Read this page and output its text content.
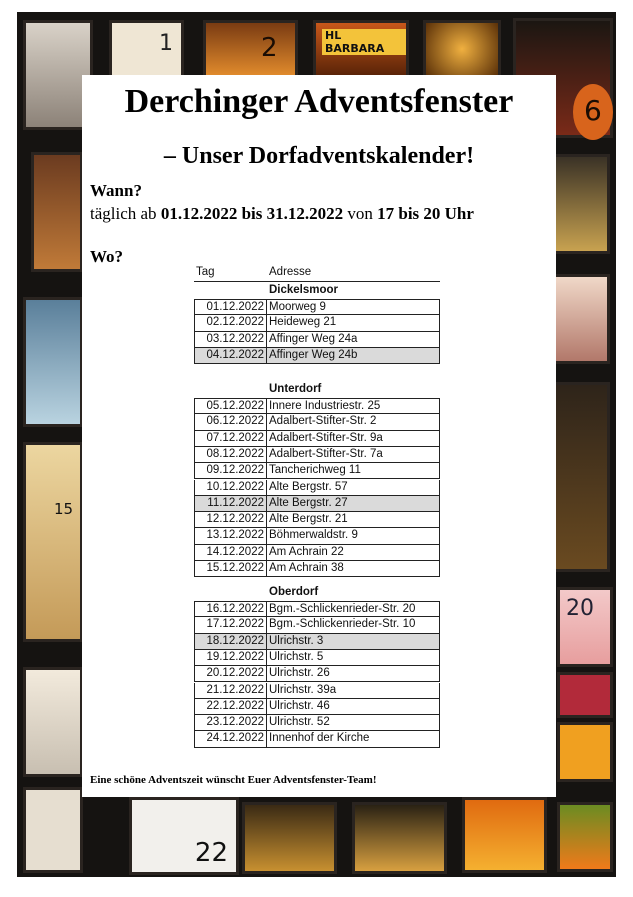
1	2	HL BARBARA
6
15
20
22
Derchinger Adventsfenster
– Unser Dorfadventskalender!
Wann?
täglich ab 01.12.2022 bis 31.12.2022 von 17 bis 20 Uhr
Wo?
Tag	Adresse
Dickelsmoor
01.12.2022 Moorweg 9
02.12.2022 Heideweg 21
03.12.2022 Affinger Weg 24a
04.12.2022 Affinger Weg 24b
Unterdorf
05.12.2022 Innere Industriestr. 25
06.12.2022 Adalbert-Stifter-Str. 2
07.12.2022 Adalbert-Stifter-Str. 9a
08.12.2022 Adalbert-Stifter-Str. 7a
09.12.2022 Tancherichweg 11
10.12.2022 Alte Bergstr. 57
11.12.2022 Alte Bergstr. 27
12.12.2022 Alte Bergstr. 21
13.12.2022 Böhmerwaldstr. 9
14.12.2022 Am Achrain 22
15.12.2022 Am Achrain 38
Oberdorf
16.12.2022 Bgm.-Schlickenrieder-Str. 20
17.12.2022 Bgm.-Schlickenrieder-Str. 10
18.12.2022 Ulrichstr. 3
19.12.2022 Ulrichstr. 5
20.12.2022 Ulrichstr. 26
21.12.2022 Ulrichstr. 39a
22.12.2022 Ulrichstr. 46
23.12.2022 Ulrichstr. 52
24.12.2022 Innenhof der Kirche
Eine schöne Adventszeit wünscht Euer Adventsfenster-Team!
